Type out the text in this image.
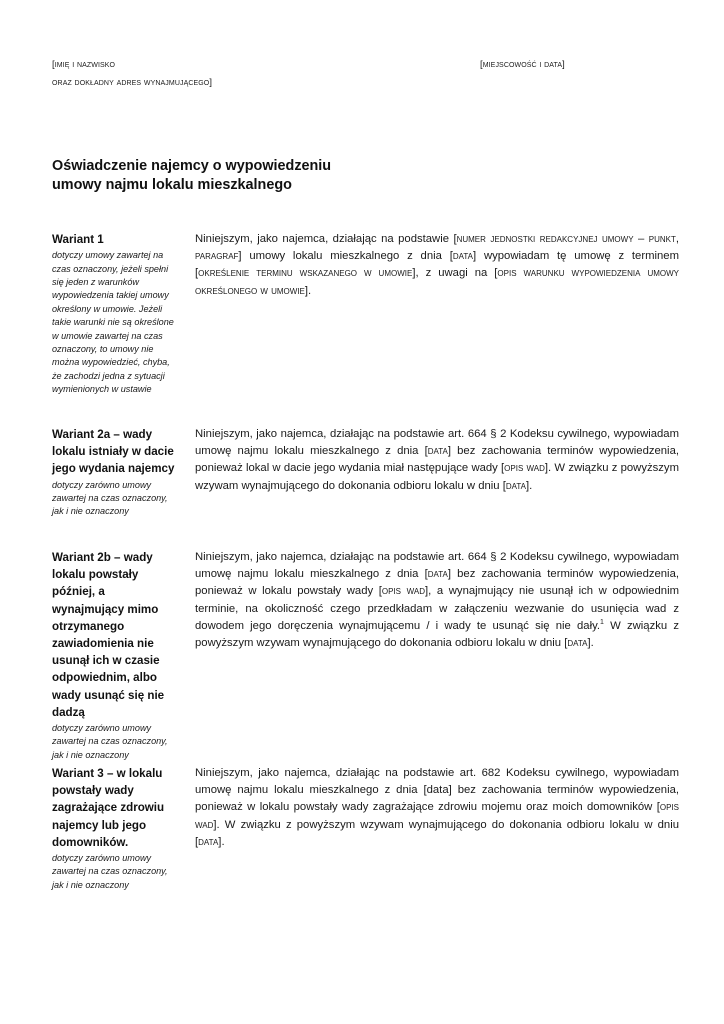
[imię i nazwisko
oraz dokładny adres wynajmującego]
[miejscowość i data]
Oświadczenie najemcy o wypowiedzeniu
umowy najmu lokalu mieszkalnego
Wariant 1
dotyczy umowy zawartej na czas oznaczony, jeżeli spełni się jeden z warunków wypowiedzenia takiej umowy określony w umowie. Jeżeli takie warunki nie są określone w umowie zawartej na czas oznaczony, to umowy nie można wypowiedzieć, chyba, że zachodzi jedna z sytuacji wymienionych w ustawie
Niniejszym, jako najemca, działając na podstawie [numer jednostki redakcyjnej umowy – punkt, paragraf] umowy lokalu mieszkalnego z dnia [data] wypowiadam tę umowę z terminem [określenie terminu wskazanego w umowie], z uwagi na [opis warunku wypowiedzenia umowy określonego w umowie].
Wariant 2a – wady lokalu istniały w dacie jego wydania najemcy
dotyczy zarówno umowy zawartej na czas oznaczony, jak i nie oznaczony
Niniejszym, jako najemca, działając na podstawie art. 664 § 2 Kodeksu cywilnego, wypowiadam umowę najmu lokalu mieszkalnego z dnia [data] bez zachowania terminów wypowiedzenia, ponieważ lokal w dacie jego wydania miał następujące wady [opis wad]. W związku z powyższym wzywam wynajmującego do dokonania odbioru lokalu w dniu [data].
Wariant 2b – wady lokalu powstały później, a wynajmujący mimo otrzymanego zawiadomienia nie usunął ich w czasie odpowiednim, albo wady usunąć się nie dadzą
dotyczy zarówno umowy zawartej na czas oznaczony, jak i nie oznaczony
Niniejszym, jako najemca, działając na podstawie art. 664 § 2 Kodeksu cywilnego, wypowiadam umowę najmu lokalu mieszkalnego z dnia [data] bez zachowania terminów wypowiedzenia, ponieważ w lokalu powstały wady [opis wad], a wynajmujący nie usunął ich w odpowiednim terminie, na okoliczność czego przedkładam w załączeniu wezwanie do usunięcia wad z dowodem jego doręczenia wynajmującemu / i wady te usunąć się nie dały.$^1$ W związku z powyższym wzywam wynajmującego do dokonania odbioru lokalu w dniu [data].
Wariant 3 – w lokalu powstały wady zagrażające zdrowiu najemcy lub jego domowników.
dotyczy zarówno umowy zawartej na czas oznaczony, jak i nie oznaczony
Niniejszym, jako najemca, działając na podstawie art. 682 Kodeksu cywilnego, wypowiadam umowę najmu lokalu mieszkalnego z dnia [data] bez zachowania terminów wypowiedzenia, ponieważ w lokalu powstały wady zagrażające zdrowiu mojemu oraz moich domowników [opis wad]. W związku z powyższym wzywam wynajmującego do dokonania odbioru lokalu w dniu [data].
